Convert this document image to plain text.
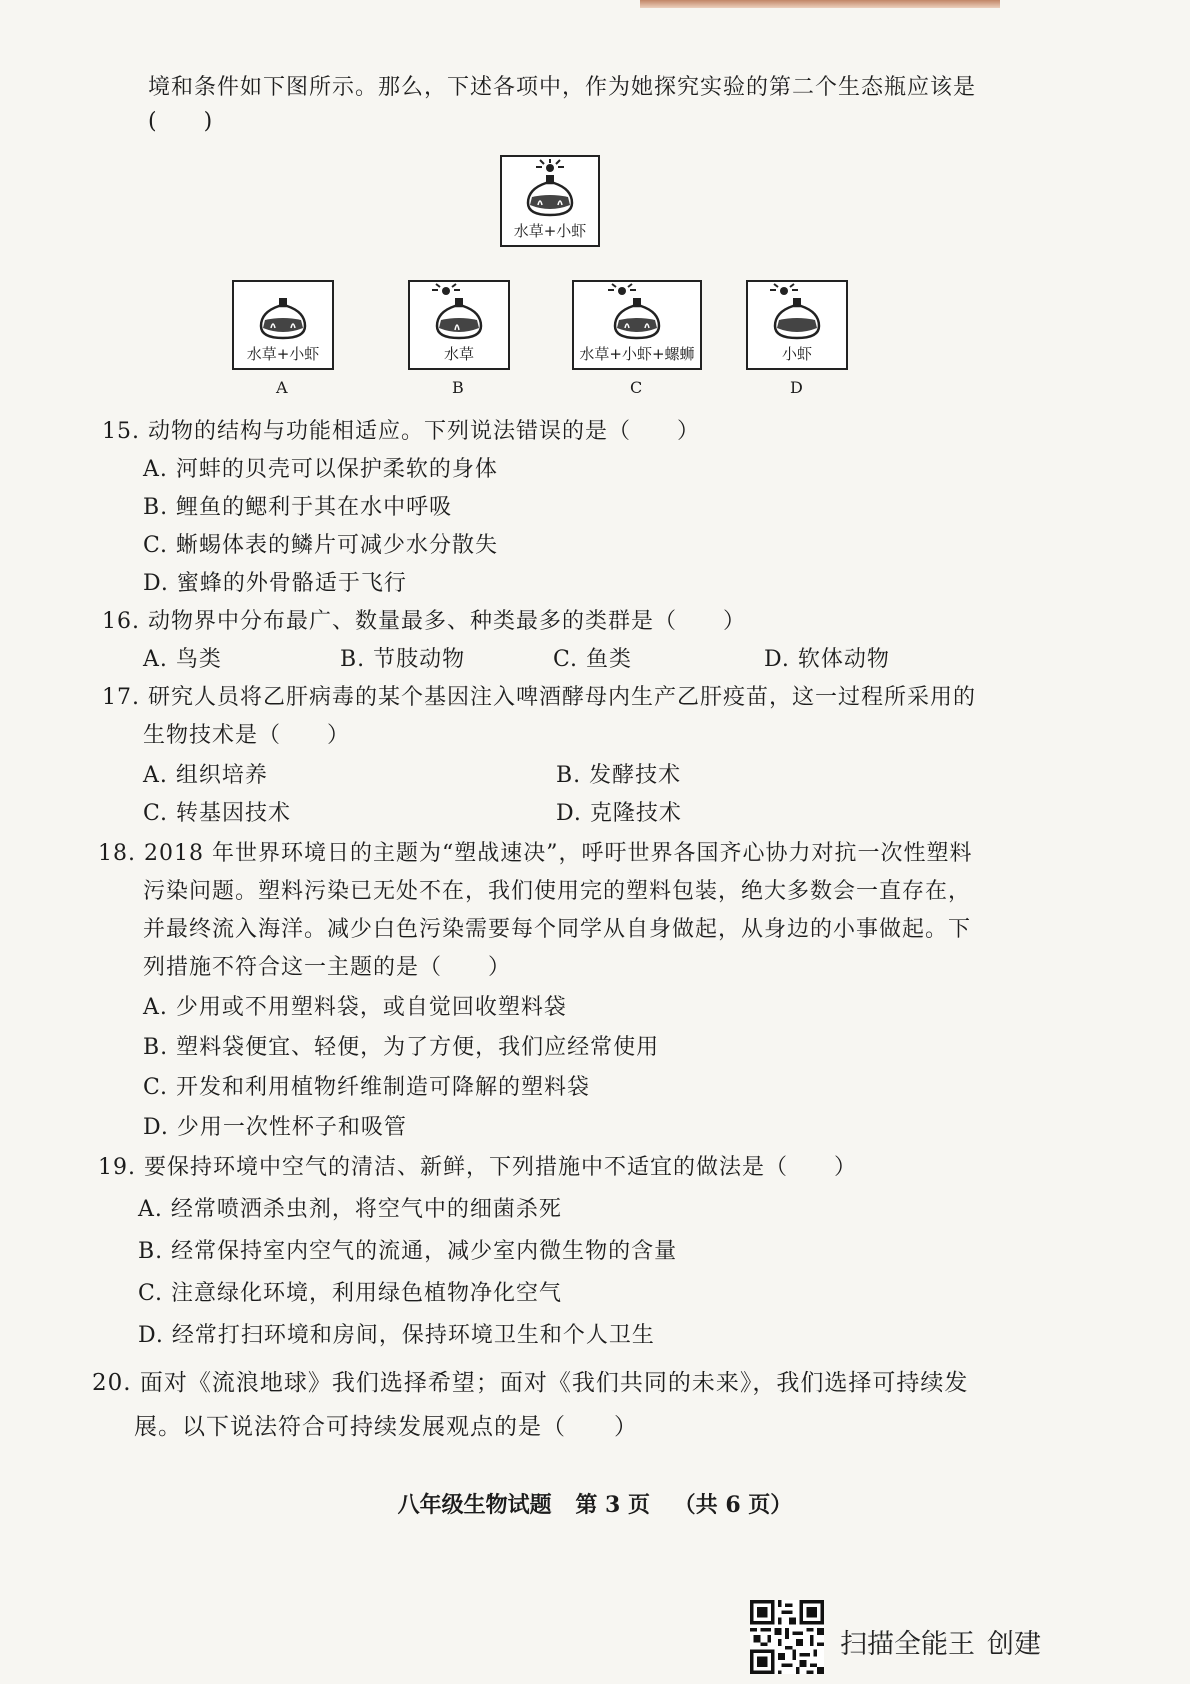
境和条件如下图所示。那么，下述各项中，作为她探究实验的第二个生态瓶应该是
(　　)
水草+小虾
水草+小虾
A
水草
B
水草+小虾+螺蛳
C
小虾
D
15. 动物的结构与功能相适应。下列说法错误的是（　　）
A. 河蚌的贝壳可以保护柔软的身体
B. 鲤鱼的鳃利于其在水中呼吸
C. 蜥蜴体表的鳞片可减少水分散失
D. 蜜蜂的外骨骼适于飞行
16. 动物界中分布最广、数量最多、种类最多的类群是（　　）
A. 鸟类	B. 节肢动物	C. 鱼类	D. 软体动物
17. 研究人员将乙肝病毒的某个基因注入啤酒酵母内生产乙肝疫苗，这一过程所采用的
生物技术是（　　）
A. 组织培养	B. 发酵技术
C. 转基因技术	D. 克隆技术
18. 2018 年世界环境日的主题为“塑战速决”，呼吁世界各国齐心协力对抗一次性塑料
污染问题。塑料污染已无处不在，我们使用完的塑料包装，绝大多数会一直存在，
并最终流入海洋。减少白色污染需要每个同学从自身做起，从身边的小事做起。下
列措施不符合这一主题的是（　　）
A. 少用或不用塑料袋，或自觉回收塑料袋
B. 塑料袋便宜、轻便，为了方便，我们应经常使用
C. 开发和利用植物纤维制造可降解的塑料袋
D. 少用一次性杯子和吸管
19. 要保持环境中空气的清洁、新鲜，下列措施中不适宜的做法是（　　）
A. 经常喷洒杀虫剂，将空气中的细菌杀死
B. 经常保持室内空气的流通，减少室内微生物的含量
C. 注意绿化环境，利用绿色植物净化空气
D. 经常打扫环境和房间，保持环境卫生和个人卫生
20. 面对《流浪地球》我们选择希望；面对《我们共同的未来》，我们选择可持续发
展。以下说法符合可持续发展观点的是（　　）
八年级生物试题 第 3 页 （共 6 页）
扫描全能王 创建
